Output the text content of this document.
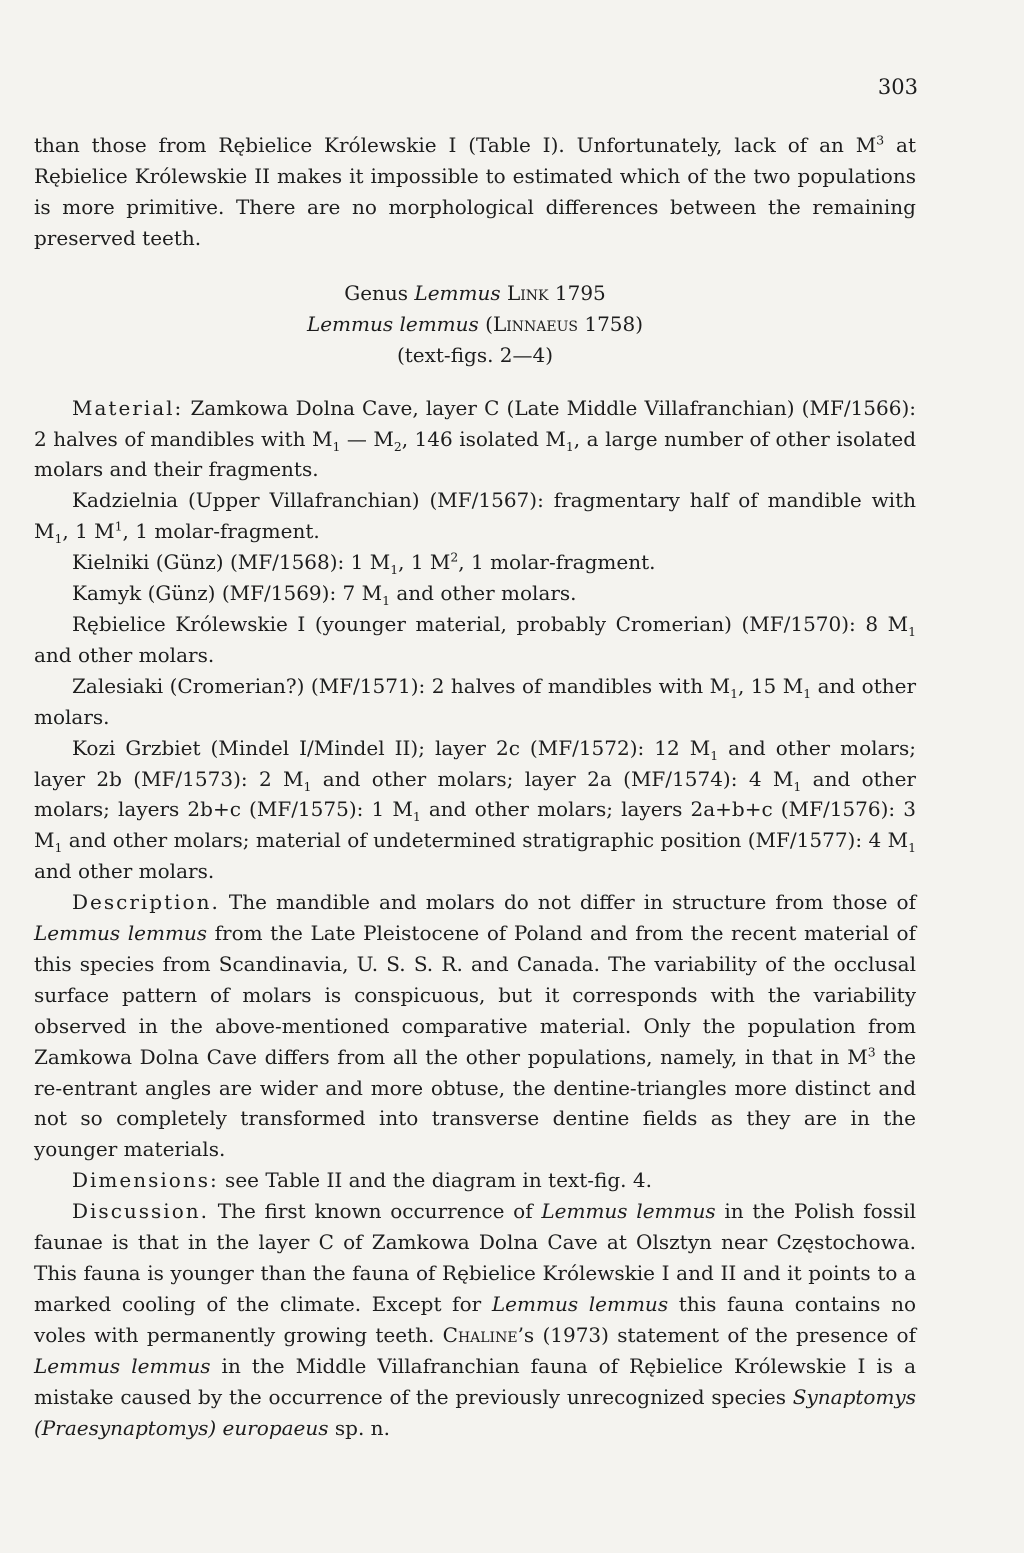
303

than those from Rębielice Królewskie I (Table I). Unfortunately, lack of an $M^3$ at Rębielice Królewskie II makes it impossible to estimated which of the two populations is more primitive. There are no morphological differences between the remaining preserved teeth.

Genus Lemmus Link 1795
Lemmus lemmus (Linnaeus 1758)
(text-figs. 2—4)

Material: Zamkowa Dolna Cave, layer C (Late Middle Villafranchian) (MF/1566): 2 halves of mandibles with $M_1$ — $M_2$, 146 isolated $M_1$, a large number of other isolated molars and their fragments.

Kadzielnia (Upper Villafranchian) (MF/1567): fragmentary half of mandible with $M_1$, 1 $M^1$, 1 molar-fragment.

Kielniki (Günz) (MF/1568): 1 $M_1$, 1 $M^2$, 1 molar-fragment.

Kamyk (Günz) (MF/1569): 7 $M_1$ and other molars.

Rębielice Królewskie I (younger material, probably Cromerian) (MF/1570): 8 $M_1$ and other molars.

Zalesiaki (Cromerian?) (MF/1571): 2 halves of mandibles with $M_1$, 15 $M_1$ and other molars.

Kozi Grzbiet (Mindel I/Mindel II); layer 2c (MF/1572): 12 $M_1$ and other molars; layer 2b (MF/1573): 2 $M_1$ and other molars; layer 2a (MF/1574): 4 $M_1$ and other molars; layers 2b+c (MF/1575): 1 $M_1$ and other molars; layers 2a+b+c (MF/1576): 3 $M_1$ and other molars; material of undetermined stratigraphic position (MF/1577): 4 $M_1$ and other molars.

Description. The mandible and molars do not differ in structure from those of Lemmus lemmus from the Late Pleistocene of Poland and from the recent material of this species from Scandinavia, U. S. S. R. and Canada. The variability of the occlusal surface pattern of molars is conspicuous, but it corresponds with the variability observed in the above-mentioned comparative material. Only the population from Zamkowa Dolna Cave differs from all the other populations, namely, in that in $M^3$ the re-entrant angles are wider and more obtuse, the dentine-triangles more distinct and not so completely transformed into transverse dentine fields as they are in the younger materials.

Dimensions: see Table II and the diagram in text-fig. 4.

Discussion. The first known occurrence of Lemmus lemmus in the Polish fossil faunae is that in the layer C of Zamkowa Dolna Cave at Olsztyn near Częstochowa. This fauna is younger than the fauna of Rębielice Królewskie I and II and it points to a marked cooling of the climate. Except for Lemmus lemmus this fauna contains no voles with permanently growing teeth. Chaline’s (1973) statement of the presence of Lemmus lemmus in the Middle Villafranchian fauna of Rębielice Królewskie I is a mistake caused by the occurrence of the previously unrecognized species Synaptomys (Praesynaptomys) europaeus sp. n.
